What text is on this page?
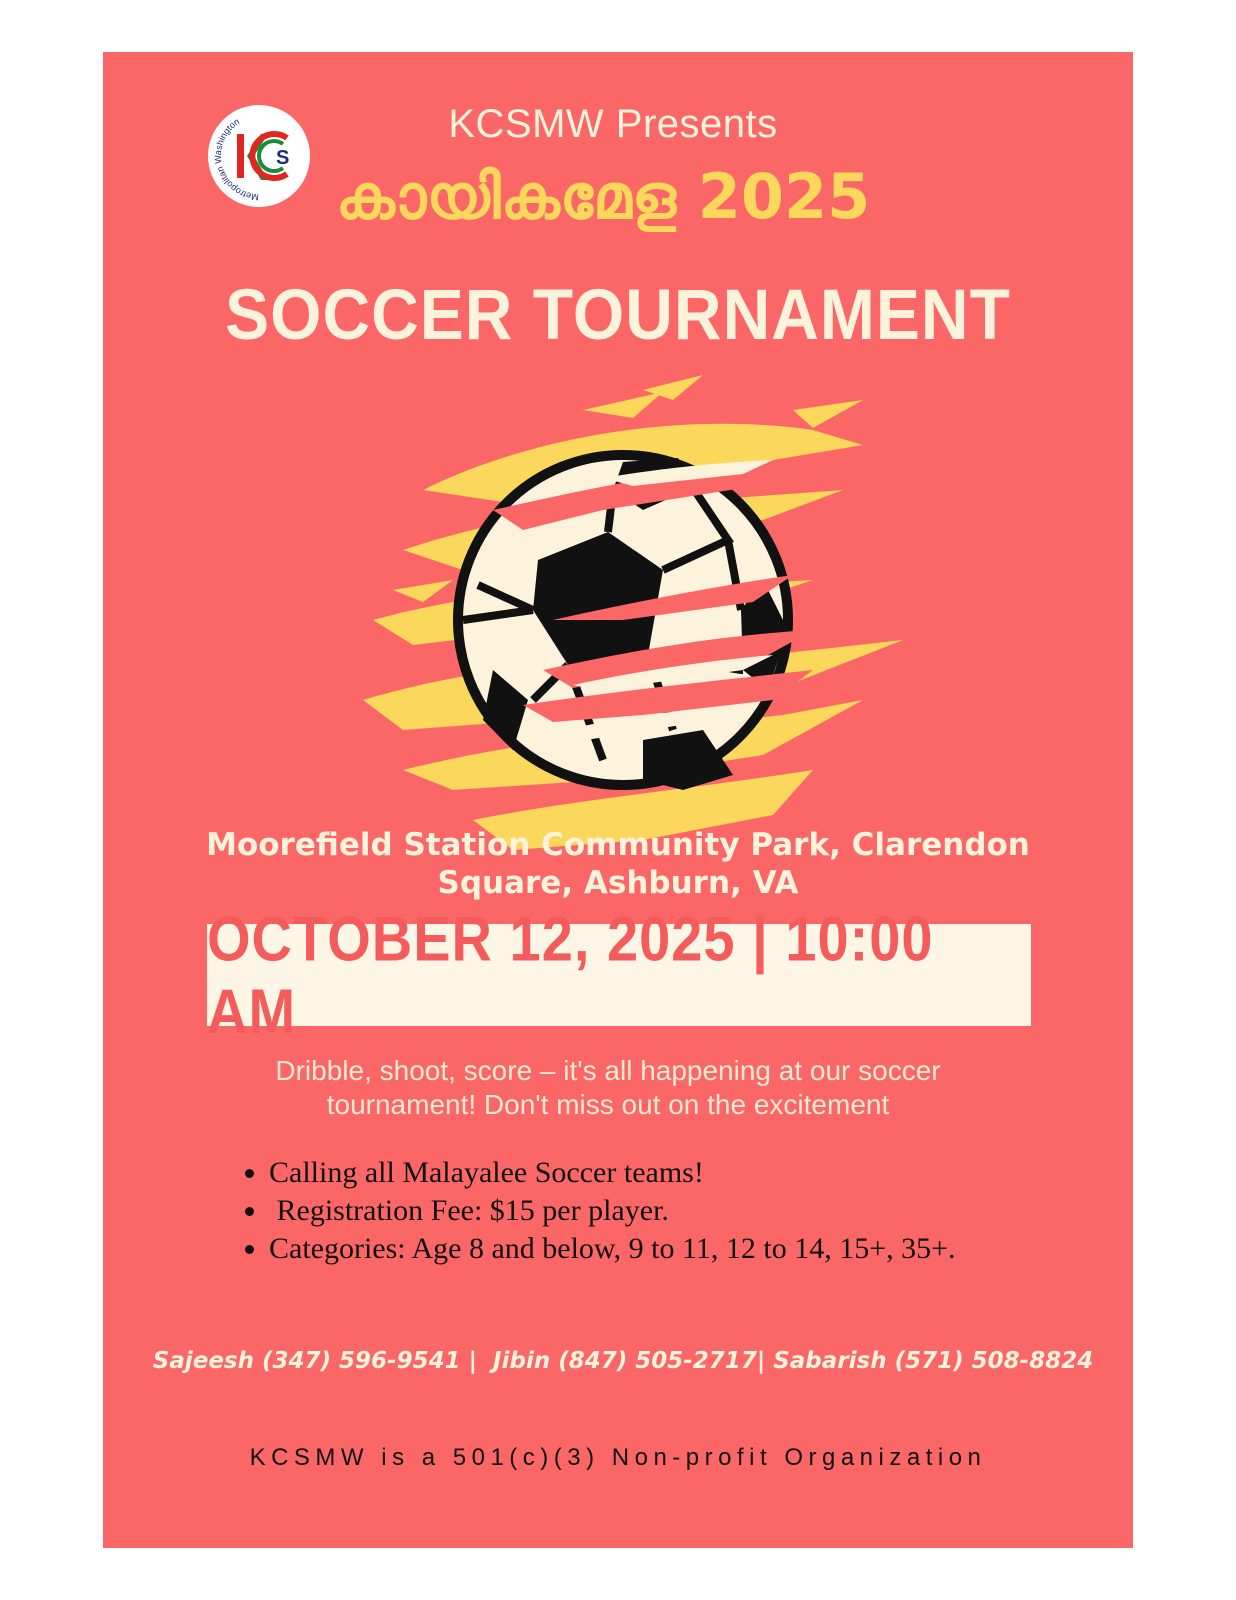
Metropolitan Washington
S
KCSMW Presents
കായികമേള 2025
SOCCER TOURNAMENT
Moorefield Station Community Park, Clarendon
Square, Ashburn, VA
OCTOBER 12, 2025 | 10:00 AM
Dribble, shoot, score – it's all happening at our soccer
tournament! Don't miss out on the excitement
• Calling all Malayalee Soccer teams!
•  Registration Fee: $15 per player.
• Categories: Age 8 and below, 9 to 11, 12 to 14, 15+, 35+.
Sajeesh (347) 596-9541 |  Jibin (847) 505-2717| Sabarish (571) 508-8824
KCSMW is a 501(c)(3) Non-profit Organization
